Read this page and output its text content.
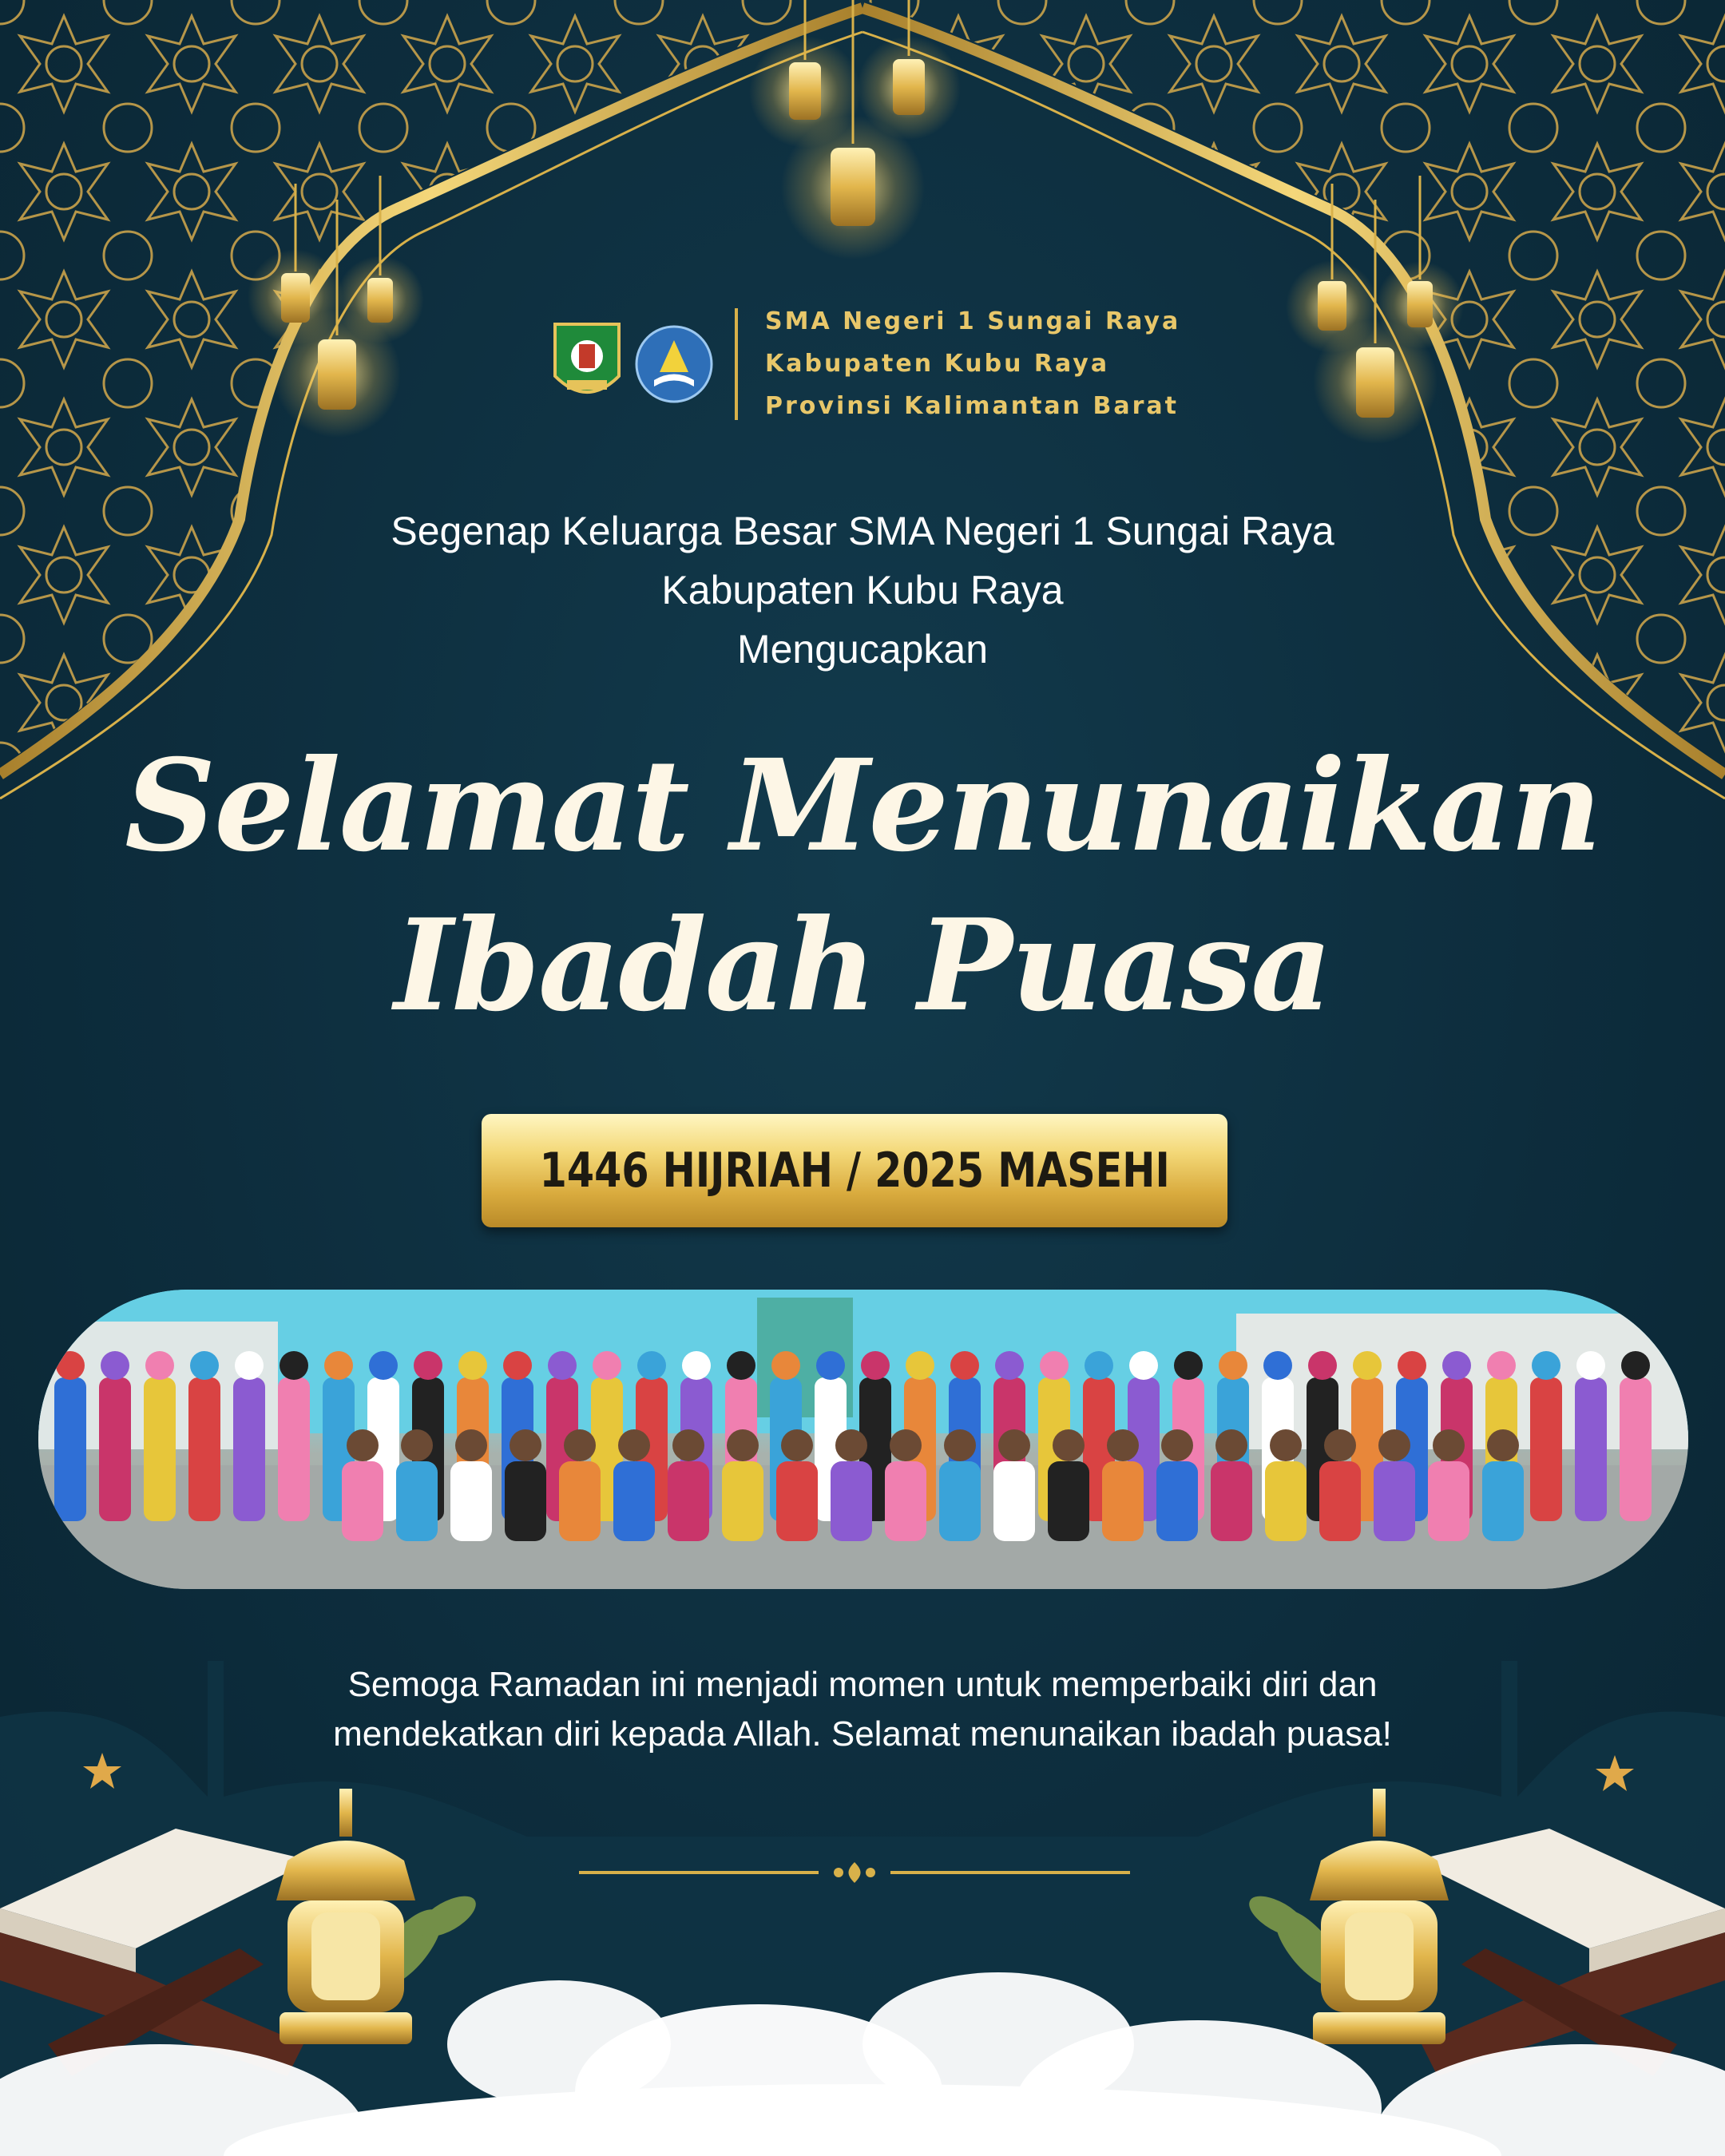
SMA Negeri 1 Sungai Raya
Kabupaten Kubu Raya
Provinsi Kalimantan Barat
Segenap Keluarga Besar SMA Negeri 1 Sungai Raya
Kabupaten Kubu Raya
Mengucapkan
Selamat Menunaikan
Ibadah Puasa
1446 HIJRIAH / 2025 MASEHI
Semoga Ramadan ini menjadi momen untuk memperbaiki diri dan
mendekatkan diri kepada Allah. Selamat menunaikan ibadah puasa!
